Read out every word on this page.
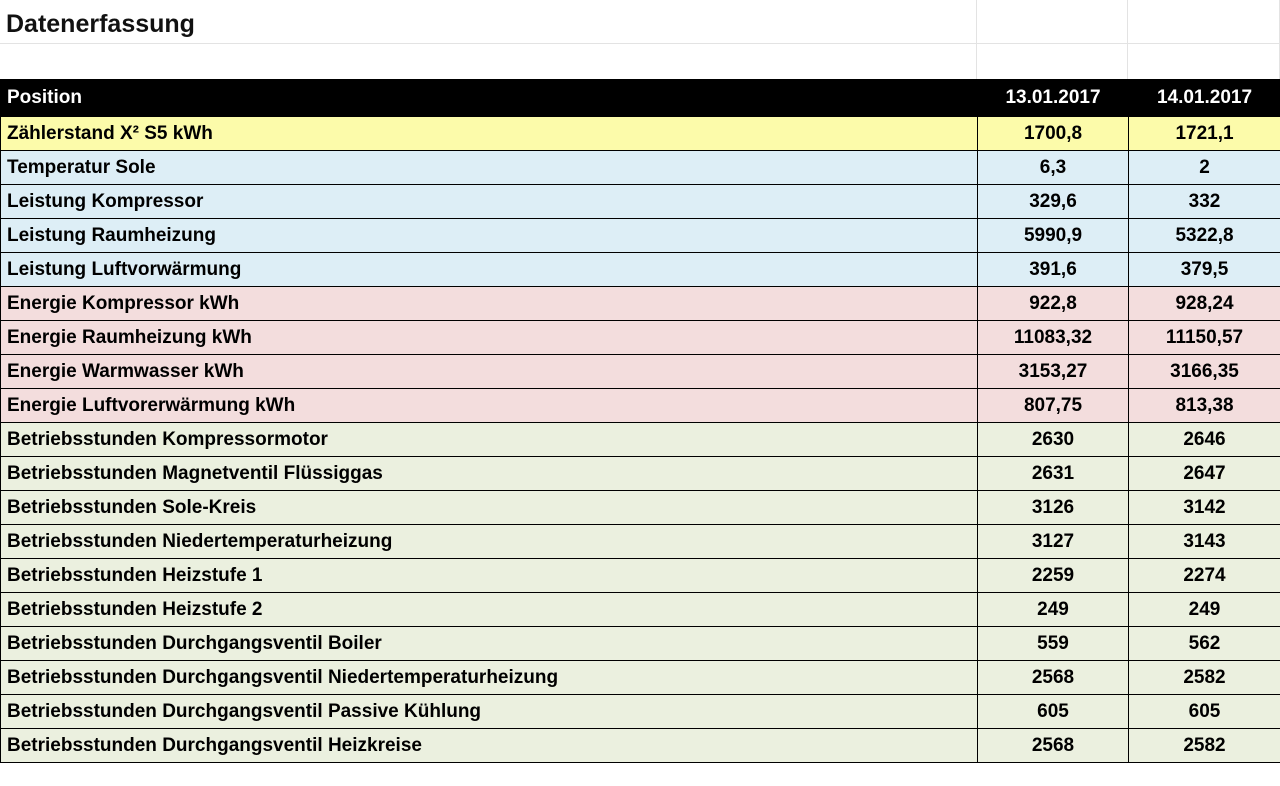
Datenerfassung
Position	13.01.2017	14.01.2017
Zählerstand X² S5 kWh	1700,8	1721,1
Temperatur Sole	6,3	2
Leistung Kompressor	329,6	332
Leistung Raumheizung	5990,9	5322,8
Leistung Luftvorwärmung	391,6	379,5
Energie Kompressor kWh	922,8	928,24
Energie Raumheizung kWh	11083,32	11150,57
Energie Warmwasser kWh	3153,27	3166,35
Energie Luftvorerwärmung kWh	807,75	813,38
Betriebsstunden Kompressormotor	2630	2646
Betriebsstunden Magnetventil Flüssiggas	2631	2647
Betriebsstunden Sole-Kreis	3126	3142
Betriebsstunden Niedertemperaturheizung	3127	3143
Betriebsstunden Heizstufe 1	2259	2274
Betriebsstunden Heizstufe 2	249	249
Betriebsstunden Durchgangsventil Boiler	559	562
Betriebsstunden Durchgangsventil Niedertemperaturheizung	2568	2582
Betriebsstunden Durchgangsventil Passive Kühlung	605	605
Betriebsstunden Durchgangsventil Heizkreise	2568	2582
